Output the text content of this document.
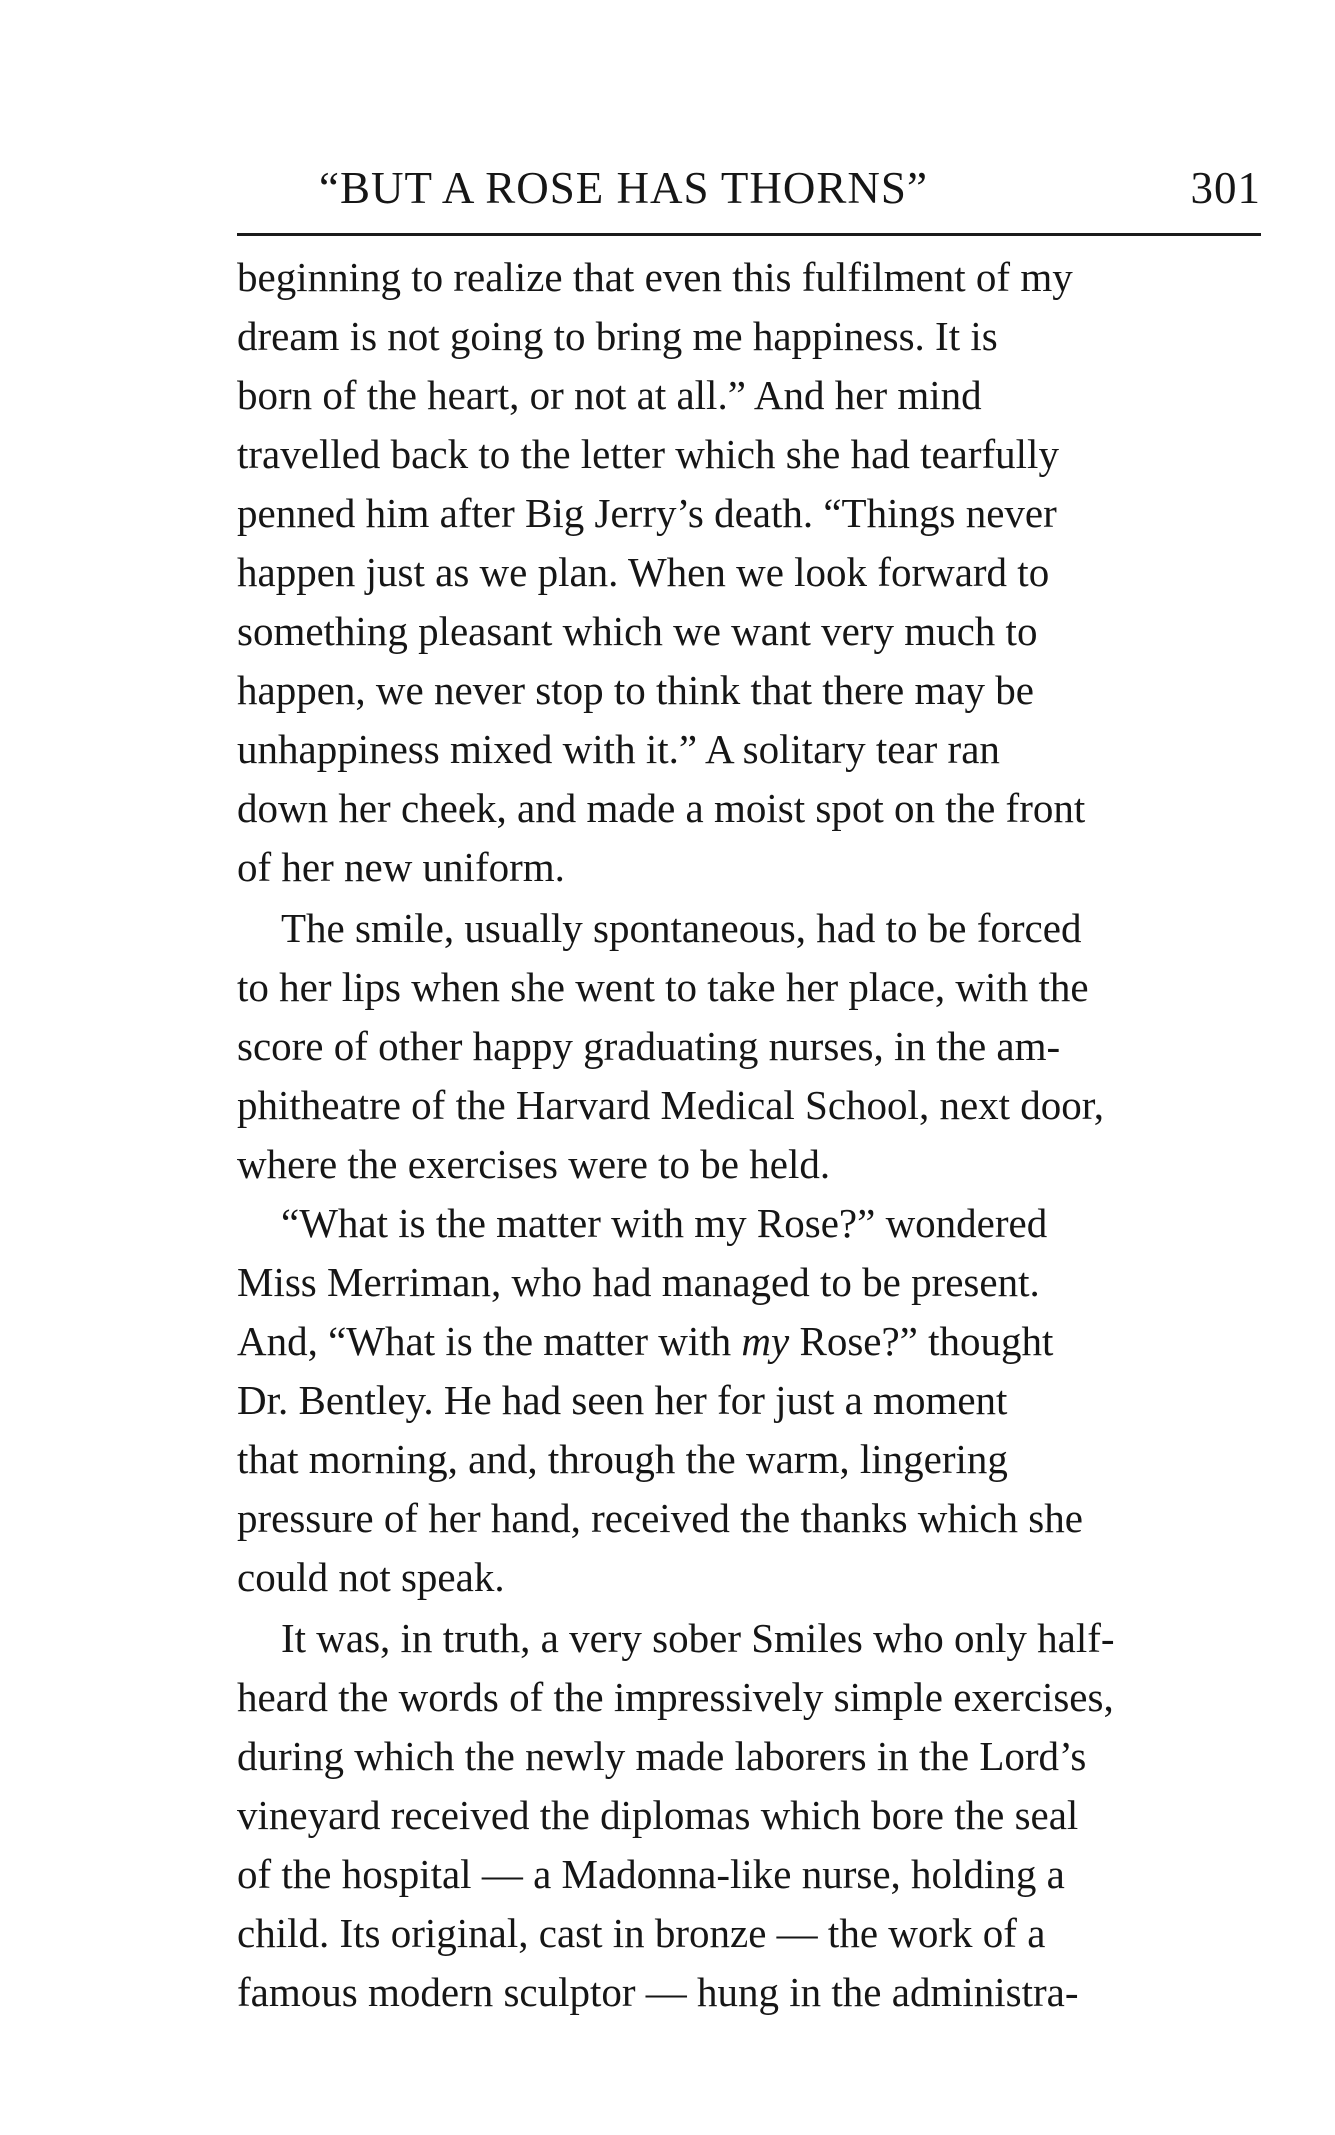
“BUT A ROSE HAS THORNS”	301
beginning to realize that even this fulfilment of my
dream is not going to bring me happiness. It is
born of the heart, or not at all.” And her mind
travelled back to the letter which she had tearfully
penned him after Big Jerry’s death. “Things never
happen just as we plan. When we look forward to
something pleasant which we want very much to
happen, we never stop to think that there may be
unhappiness mixed with it.” A solitary tear ran
down her cheek, and made a moist spot on the front
of her new uniform.
The smile, usually spontaneous, had to be forced
to her lips when she went to take her place, with the
score of other happy graduating nurses, in the am-
phitheatre of the Harvard Medical School, next door,
where the exercises were to be held.
“What is the matter with my Rose?” wondered
Miss Merriman, who had managed to be present.
And, “What is the matter with my Rose?” thought
Dr. Bentley. He had seen her for just a moment
that morning, and, through the warm, lingering
pressure of her hand, received the thanks which she
could not speak.
It was, in truth, a very sober Smiles who only half-
heard the words of the impressively simple exercises,
during which the newly made laborers in the Lord’s
vineyard received the diplomas which bore the seal
of the hospital — a Madonna-like nurse, holding a
child. Its original, cast in bronze — the work of a
famous modern sculptor — hung in the administra-
